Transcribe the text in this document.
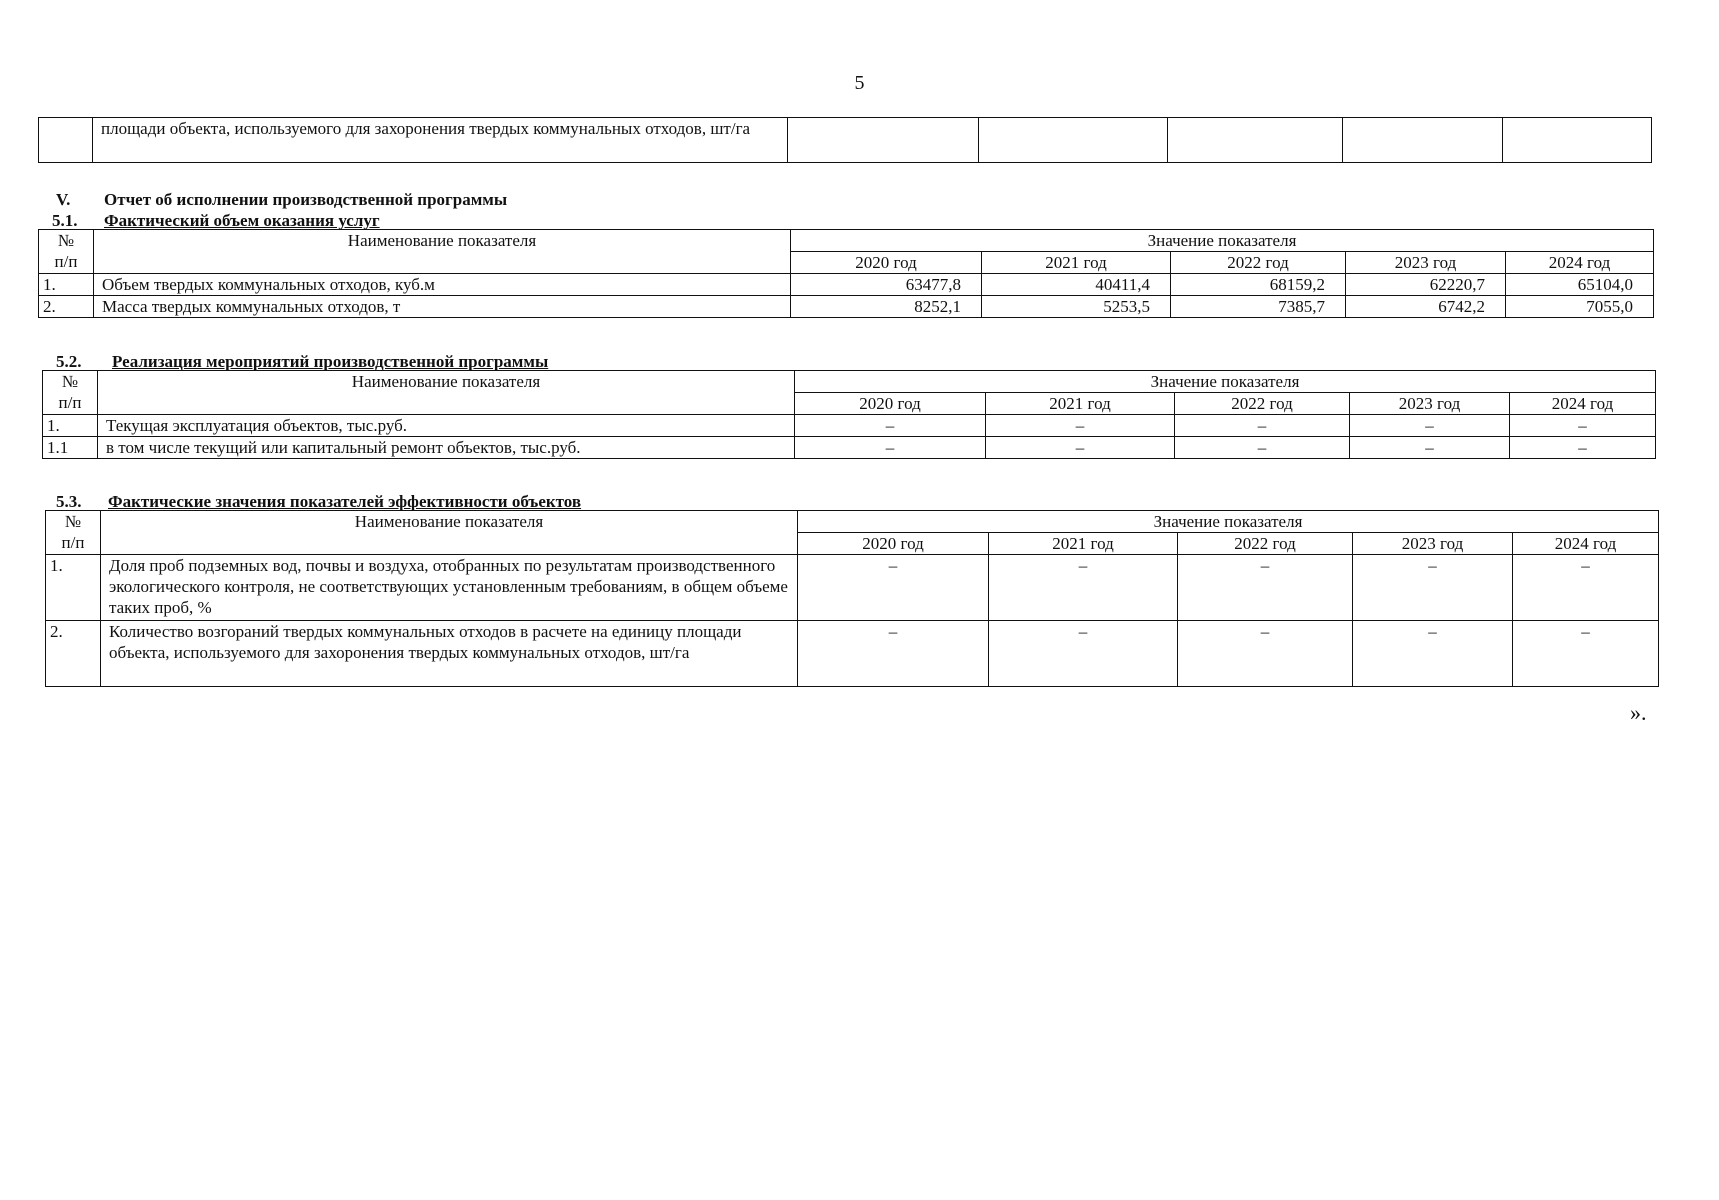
5
	площади объекта, используемого для захоронения твердых коммунальных отходов, шт/га					
V. Отчет об исполнении производственной программы
5.1. Фактический объем оказания услуг
№
п/п	Наименование показателя	Значение показателя				
		2020 год	2021 год	2022 год	2023 год	2024 год
1.	Объем твердых коммунальных отходов, куб.м	63477,8	40411,4	68159,2	62220,7	65104,0
2.	Масса твердых коммунальных отходов, т	8252,1	5253,5	7385,7	6742,2	7055,0
5.2. Реализация мероприятий производственной программы
№
п/п	Наименование показателя	Значение показателя				
		2020 год	2021 год	2022 год	2023 год	2024 год
1.	Текущая эксплуатация объектов, тыс.руб.	–	–	–	–	–
1.1	в том числе текущий или капитальный ремонт объектов, тыс.руб.	–	–	–	–	–
5.3. Фактические значения показателей эффективности объектов
№
п/п	Наименование показателя	Значение показателя				
		2020 год	2021 год	2022 год	2023 год	2024 год
1.	Доля проб подземных вод, почвы и воздуха, отобранных по результатам производственного экологического контроля, не соответствующих установленным требованиям, в общем объеме таких проб, %	–	–	–	–	–
2.	Количество возгораний твердых коммунальных отходов в расчете на единицу площади объекта, используемого для захоронения твердых коммунальных отходов, шт/га	–	–	–	–	–
».
